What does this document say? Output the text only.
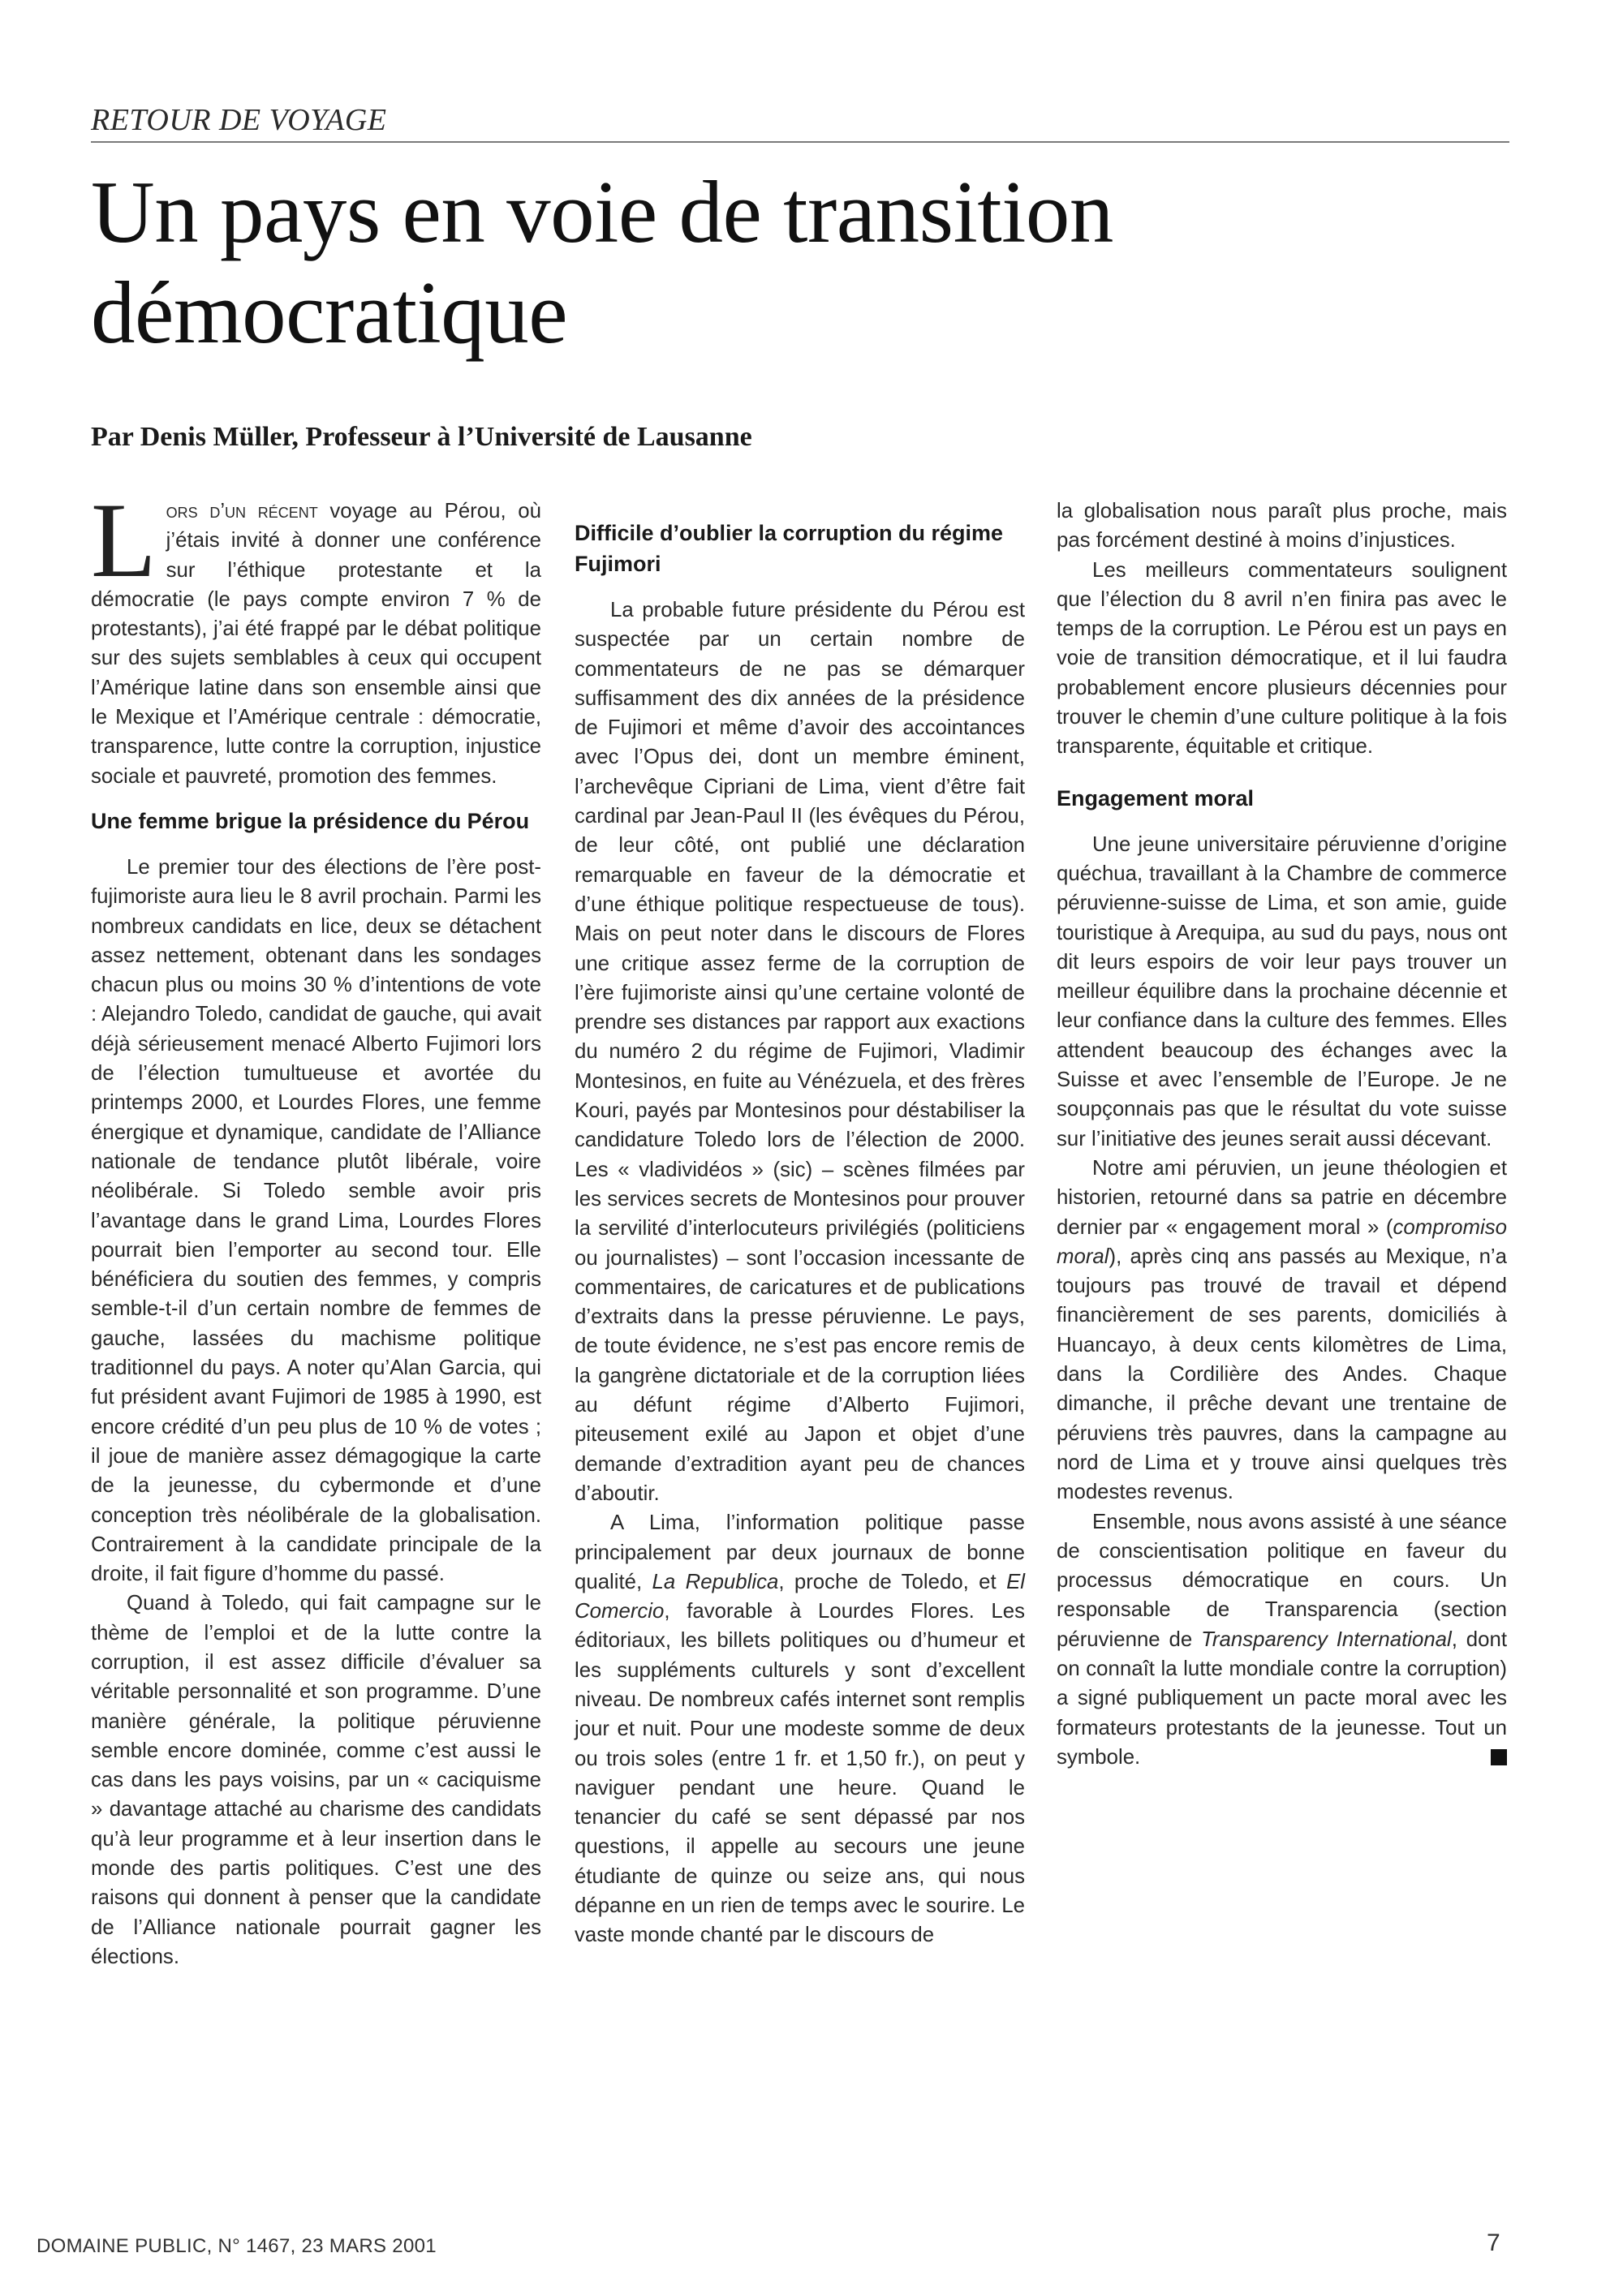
RETOUR DE VOYAGE
Un pays en voie de transition démocratique
Par Denis Müller, Professeur à l’Université de Lausanne

Lors d’un récent voyage au Pérou, où j’étais invité à donner une conférence sur l’éthique protestante et la démocratie (le pays compte environ 7 % de protestants), j’ai été frappé par le débat politique sur des sujets semblables à ceux qui occupent l’Amérique latine dans son ensemble ainsi que le Mexique et l’Amérique centrale : démocratie, transparence, lutte contre la corruption, injustice sociale et pauvreté, promotion des femmes.

Une femme brigue la présidence du Pérou

Le premier tour des élections de l’ère post-fujimoriste aura lieu le 8 avril prochain. Parmi les nombreux candidats en lice, deux se détachent assez nettement, obtenant dans les sondages chacun plus ou moins 30 % d’intentions de vote : Alejandro Toledo, candidat de gauche, qui avait déjà sérieusement menacé Alberto Fujimori lors de l’élection tumultueuse et avortée du printemps 2000, et Lourdes Flores, une femme énergique et dynamique, candidate de l’Alliance nationale de tendance plutôt libérale, voire néolibérale. Si Toledo semble avoir pris l’avantage dans le grand Lima, Lourdes Flores pourrait bien l’emporter au second tour. Elle bénéficiera du soutien des femmes, y compris semble-t-il d’un certain nombre de femmes de gauche, lassées du machisme politique traditionnel du pays. A noter qu’Alan Garcia, qui fut président avant Fujimori de 1985 à 1990, est encore crédité d’un peu plus de 10 % de votes ; il joue de manière assez démagogique la carte de la jeunesse, du cybermonde et d’une conception très néolibérale de la globalisation. Contrairement à la candidate principale de la droite, il fait figure d’homme du passé.

Quand à Toledo, qui fait campagne sur le thème de l’emploi et de la lutte contre la corruption, il est assez difficile d’évaluer sa véritable personnalité et son programme. D’une manière générale, la politique péruvienne semble encore dominée, comme c’est aussi le cas dans les pays voisins, par un « caciquisme » davantage attaché au charisme des candidats qu’à leur programme et à leur insertion dans le monde des partis politiques. C’est une des raisons qui donnent à penser que la candidate de l’Alliance nationale pourrait gagner les élections.

Difficile d’oublier la corruption du régime Fujimori

La probable future présidente du Pérou est suspectée par un certain nombre de commentateurs de ne pas se démarquer suffisamment des dix années de la présidence de Fujimori et même d’avoir des accointances avec l’Opus dei, dont un membre éminent, l’archevêque Cipriani de Lima, vient d’être fait cardinal par Jean-Paul II (les évêques du Pérou, de leur côté, ont publié une déclaration remarquable en faveur de la démocratie et d’une éthique politique respectueuse de tous). Mais on peut noter dans le discours de Flores une critique assez ferme de la corruption de l’ère fujimoriste ainsi qu’une certaine volonté de prendre ses distances par rapport aux exactions du numéro 2 du régime de Fujimori, Vladimir Montesinos, en fuite au Vénézuela, et des frères Kouri, payés par Montesinos pour déstabiliser la candidature Toledo lors de l’élection de 2000. Les « vladividéos » (sic) – scènes filmées par les services secrets de Montesinos pour prouver la servilité d’interlocuteurs privilégiés (politiciens ou journalistes) – sont l’occasion incessante de commentaires, de caricatures et de publications d’extraits dans la presse péruvienne. Le pays, de toute évidence, ne s’est pas encore remis de la gangrène dictatoriale et de la corruption liées au défunt régime d’Alberto Fujimori, piteusement exilé au Japon et objet d’une demande d’extradition ayant peu de chances d’aboutir.

A Lima, l’information politique passe principalement par deux journaux de bonne qualité, La Republica, proche de Toledo, et El Comercio, favorable à Lourdes Flores. Les éditoriaux, les billets politiques ou d’humeur et les suppléments culturels y sont d’excellent niveau. De nombreux cafés internet sont remplis jour et nuit. Pour une modeste somme de deux ou trois soles (entre 1 fr. et 1,50 fr.), on peut y naviguer pendant une heure. Quand le tenancier du café se sent dépassé par nos questions, il appelle au secours une jeune étudiante de quinze ou seize ans, qui nous dépanne en un rien de temps avec le sourire. Le vaste monde chanté par le discours de

la globalisation nous paraît plus proche, mais pas forcément destiné à moins d’injustices.

Les meilleurs commentateurs soulignent que l’élection du 8 avril n’en finira pas avec le temps de la corruption. Le Pérou est un pays en voie de transition démocratique, et il lui faudra probablement encore plusieurs décennies pour trouver le chemin d’une culture politique à la fois transparente, équitable et critique.

Engagement moral

Une jeune universitaire péruvienne d’origine quéchua, travaillant à la Chambre de commerce péruvienne-suisse de Lima, et son amie, guide touristique à Arequipa, au sud du pays, nous ont dit leurs espoirs de voir leur pays trouver un meilleur équilibre dans la prochaine décennie et leur confiance dans la culture des femmes. Elles attendent beaucoup des échanges avec la Suisse et avec l’ensemble de l’Europe. Je ne soupçonnais pas que le résultat du vote suisse sur l’initiative des jeunes serait aussi décevant.

Notre ami péruvien, un jeune théologien et historien, retourné dans sa patrie en décembre dernier par « engagement moral » (compromiso moral), après cinq ans passés au Mexique, n’a toujours pas trouvé de travail et dépend financièrement de ses parents, domiciliés à Huancayo, à deux cents kilomètres de Lima, dans la Cordilière des Andes. Chaque dimanche, il prêche devant une trentaine de péruviens très pauvres, dans la campagne au nord de Lima et y trouve ainsi quelques très modestes revenus.

Ensemble, nous avons assisté à une séance de conscientisation politique en faveur du processus démocratique en cours. Un responsable de Transparencia (section péruvienne de Transparency International, dont on connaît la lutte mondiale contre la corruption) a signé publiquement un pacte moral avec les formateurs protestants de la jeunesse. Tout un symbole.

7
DOMAINE PUBLIC, N° 1467, 23 MARS 2001
